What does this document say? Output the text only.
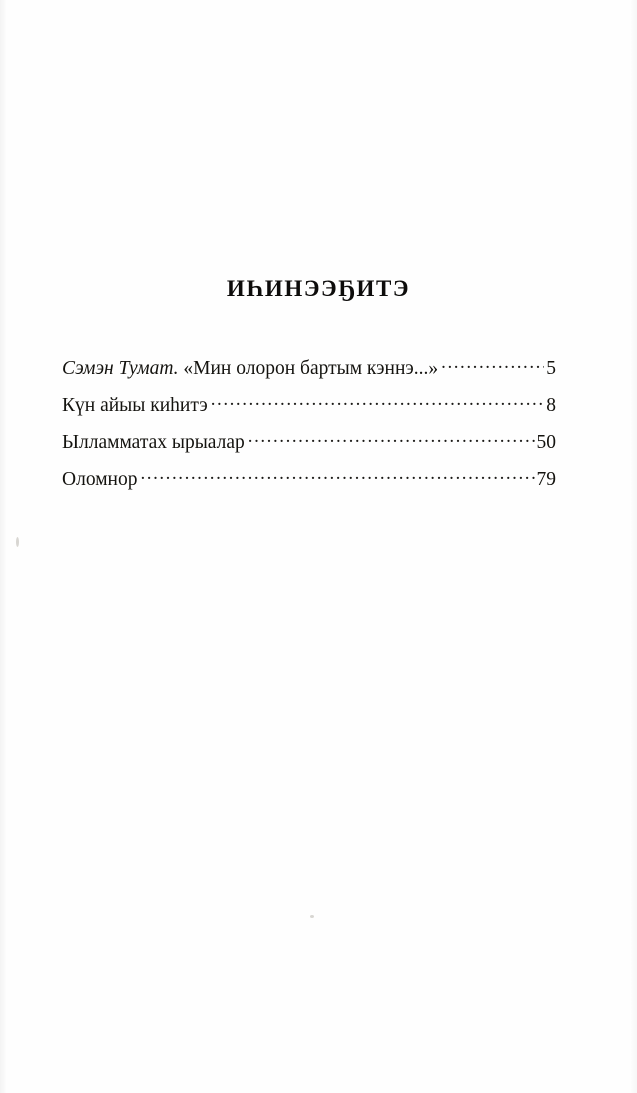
ИҺИНЭЭҔИТЭ
Сэмэн Тумат. «Мин олорон бартым кэннэ...» .....	5
Күн айыы киһитэ .....	8
Ылламматах ырыалар .....	50
Оломнор .....	79
